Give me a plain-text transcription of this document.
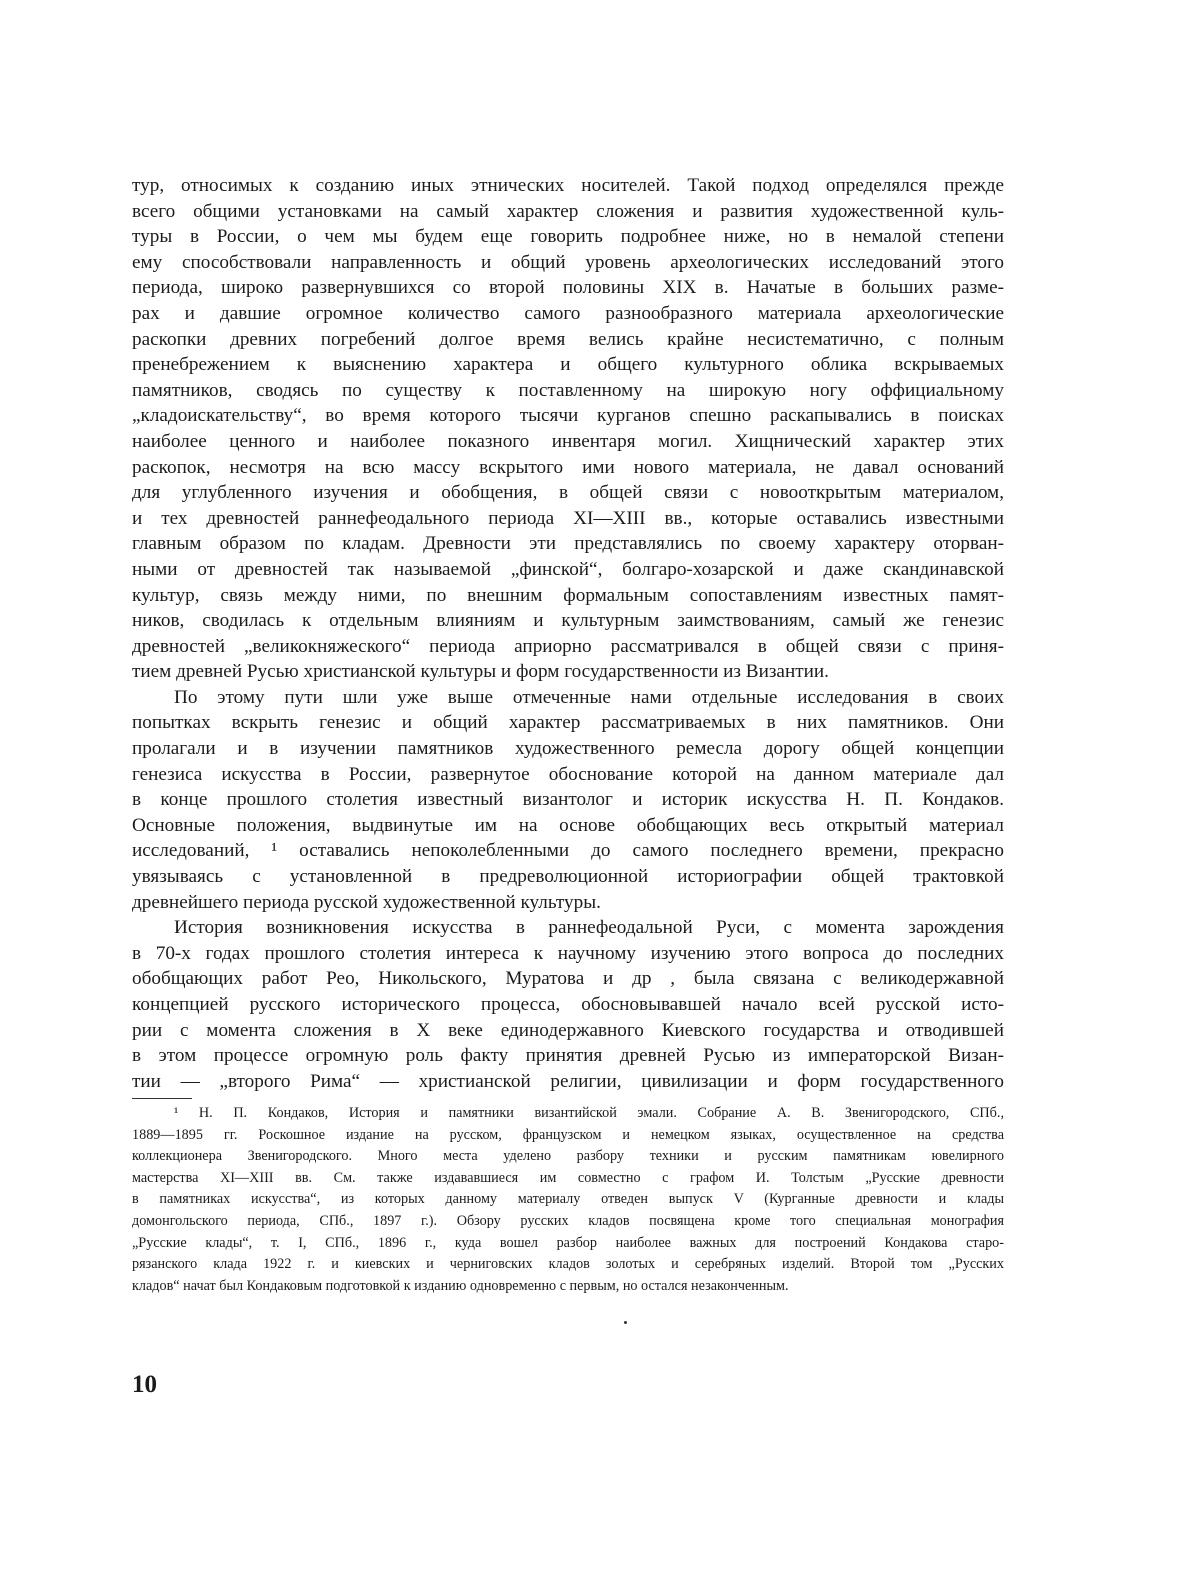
тур, относимых к созданию иных этнических носителей. Такой подход определялся прежде
всего общими установками на самый характер сложения и развития художественной куль-
туры в России, о чем мы будем еще говорить подробнее ниже, но в немалой степени
ему способствовали направленность и общий уровень археологических исследований этого
периода, широко развернувшихся со второй половины XIX в. Начатые в больших разме-
рах и давшие огромное количество самого разнообразного материала археологические
раскопки древних погребений долгое время велись крайне несистематично, с полным
пренебрежением к выяснению характера и общего культурного облика вскрываемых
памятников, сводясь по существу к поставленному на широкую ногу оффициальному
„кладоискательству“, во время которого тысячи курганов спешно раскапывались в поисках
наиболее ценного и наиболее показного инвентаря могил. Хищнический характер этих
раскопок, несмотря на всю массу вскрытого ими нового материала, не давал оснований
для углубленного изучения и обобщения, в общей связи с новооткрытым материалом,
и тех древностей раннефеодального периода XI—XIII вв., которые оставались известными
главным образом по кладам. Древности эти представлялись по своему характеру оторван-
ными от древностей так называемой „финской“, болгаро-хозарской и даже скандинавской
культур, связь между ними, по внешним формальным сопоставлениям известных памят-
ников, сводилась к отдельным влияниям и культурным заимствованиям, самый же генезис
древностей „великокняжеского“ периода априорно рассматривался в общей связи с приня-
тием древней Русью христианской культуры и форм государственности из Византии.
По этому пути шли уже выше отмеченные нами отдельные исследования в своих
попытках вскрыть генезис и общий характер рассматриваемых в них памятников. Они
пролагали и в изучении памятников художественного ремесла дорогу общей концепции
генезиса искусства в России, развернутое обоснование которой на данном материале дал
в конце прошлого столетия известный византолог и историк искусства Н. П. Кондаков.
Основные положения, выдвинутые им на основе обобщающих весь открытый материал
исследований, ¹ оставались непоколебленными до самого последнего времени, прекрасно
увязываясь с установленной в предреволюционной историографии общей трактовкой
древнейшего периода русской художественной культуры.
История возникновения искусства в раннефеодальной Руси, с момента зарождения
в 70-х годах прошлого столетия интереса к научному изучению этого вопроса до последних
обобщающих работ Рео, Никольского, Муратова и др , была связана с великодержавной
концепцией русского исторического процесса, обосновывавшей начало всей русской исто-
рии с момента сложения в X веке единодержавного Киевского государства и отводившей
в этом процессе огромную роль факту принятия древней Русью из императорской Визан-
тии — „второго Рима“ — христианской религии, цивилизации и форм государственного
¹ Н. П. Кондаков, История и памятники византийской эмали. Собрание А. В. Звенигородского, СПб.,
1889—1895 гг. Роскошное издание на русском, французском и немецком языках, осуществленное на средства
коллекционера Звенигородского. Много места уделено разбору техники и русским памятникам ювелирного
мастерства XI—XIII вв. См. также издававшиеся им совместно с графом И. Толстым „Русские древности
в памятниках искусства“, из которых данному материалу отведен выпуск V (Курганные древности и клады
домонгольского периода, СПб., 1897 г.). Обзору русских кладов посвящена кроме того специальная монография
„Русские клады“, т. I, СПб., 1896 г., куда вошел разбор наиболее важных для построений Кондакова старо-
рязанского клада 1922 г. и киевских и черниговских кладов золотых и серебряных изделий. Второй том „Русских
кладов“ начат был Кондаковым подготовкой к изданию одновременно с первым, но остался незаконченным.
10
